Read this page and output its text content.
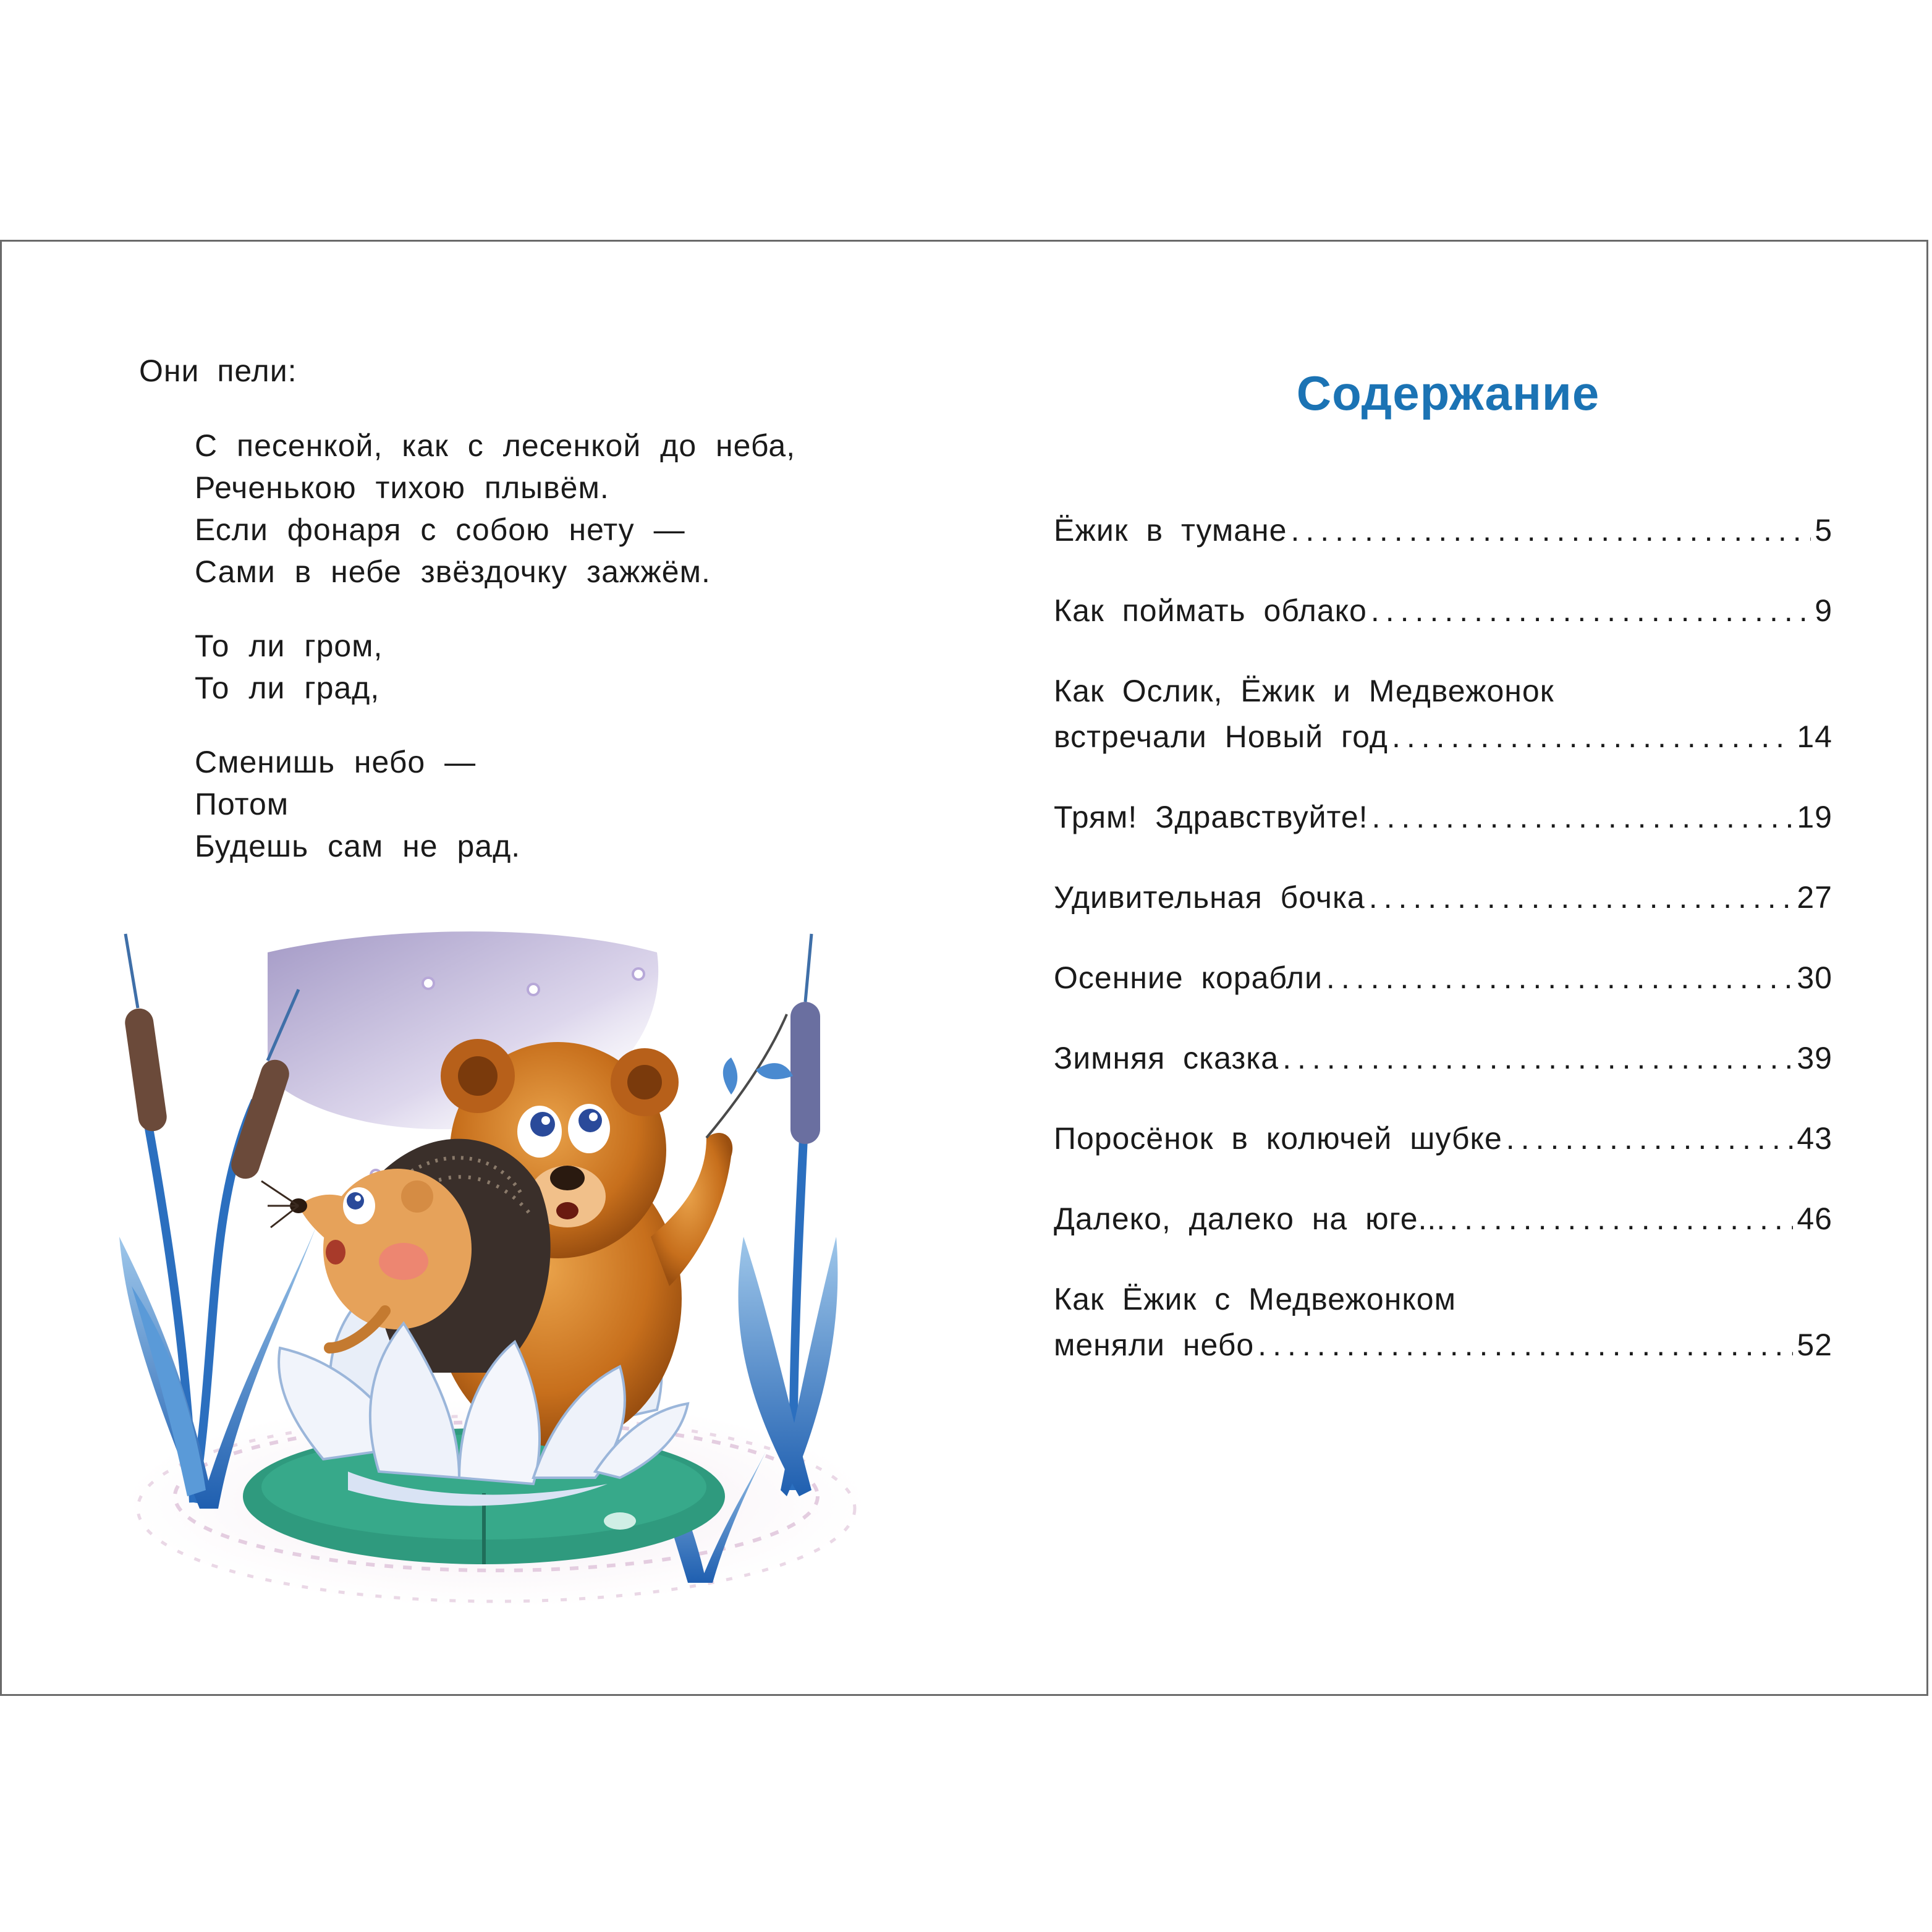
Они пели:

С песенкой, как с лесенкой до неба,
Реченькою тихою плывём.
Если фонаря с собою нету —
Сами в небе звёздочку зажжём.
То ли гром,
То ли град,
Сменишь небо —
Потом
Будешь сам не рад.
Содержание
Ёжик в тумане .....	5
Как поймать облако .....	9
Как Ослик, Ёжик и Медвежонок
встречали Новый год .....	14
Трям! Здравствуйте! .....	19
Удивительная бочка .....	27
Осенние корабли .....	30
Зимняя сказка .....	39
Поросёнок в колючей шубке .....	43
Далеко, далеко на юге... .....	46
Как Ёжик с Медвежонком
меняли небо .....	52
